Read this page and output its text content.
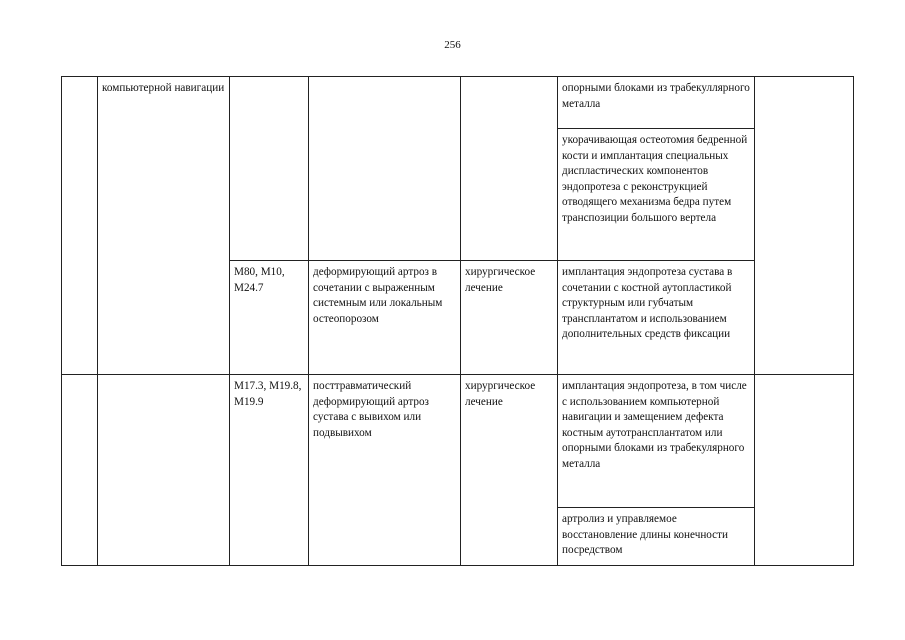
256
	компьютерной навигации				опорными блоками из трабекуллярного металла	
					укорачивающая остеотомия бедренной кости и имплантация специальных диспластических компонентов эндопротеза с реконструкцией отводящего механизма бедра путем транспозиции большого вертела	
		M80, M10, M24.7	деформирующий артроз в сочетании с выраженным системным или локальным остеопорозом	хирургическое лечение	имплантация эндопротеза сустава в сочетании с костной аутопластикой структурным или губчатым трансплантатом и использованием дополнительных средств фиксации	

		M17.3, M19.8, M19.9	посттравматический деформирующий артроз сустава с вывихом или подвывихом	хирургическое лечение	имплантация эндопротеза, в том числе с использованием компьютерной навигации и замещением дефекта костным аутотрансплантатом или опорными блоками из трабекулярного металла	
					артролиз и управляемое восстановление длины конечности посредством	
